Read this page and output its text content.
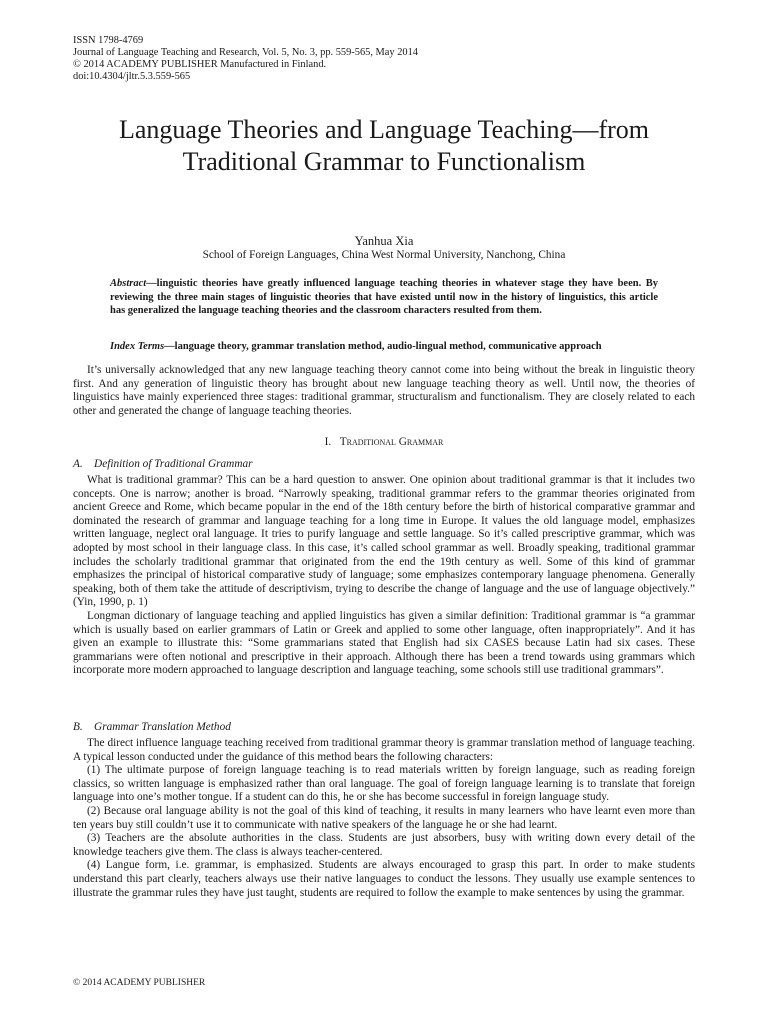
ISSN 1798-4769
Journal of Language Teaching and Research, Vol. 5, No. 3, pp. 559-565, May 2014
© 2014 ACADEMY PUBLISHER Manufactured in Finland.
doi:10.4304/jltr.5.3.559-565
Language Theories and Language Teaching—from Traditional Grammar to Functionalism
Yanhua Xia
School of Foreign Languages, China West Normal University, Nanchong, China
Abstract—linguistic theories have greatly influenced language teaching theories in whatever stage they have been. By reviewing the three main stages of linguistic theories that have existed until now in the history of linguistics, this article has generalized the language teaching theories and the classroom characters resulted from them.
Index Terms—language theory, grammar translation method, audio-lingual method, communicative approach

It’s universally acknowledged that any new language teaching theory cannot come into being without the break in linguistic theory first. And any generation of linguistic theory has brought about new language teaching theory as well. Until now, the theories of linguistics have mainly experienced three stages: traditional grammar, structuralism and functionalism. They are closely related to each other and generated the change of language teaching theories.

I. Traditional Grammar
A. Definition of Traditional Grammar

What is traditional grammar? This can be a hard question to answer. One opinion about traditional grammar is that it includes two concepts. One is narrow; another is broad. “Narrowly speaking, traditional grammar refers to the grammar theories originated from ancient Greece and Rome, which became popular in the end of the 18th century before the birth of historical comparative grammar and dominated the research of grammar and language teaching for a long time in Europe. It values the old language model, emphasizes written language, neglect oral language. It tries to purify language and settle language. So it’s called prescriptive grammar, which was adopted by most school in their language class. In this case, it’s called school grammar as well. Broadly speaking, traditional grammar includes the scholarly traditional grammar that originated from the end the 19th century as well. Some of this kind of grammar emphasizes the principal of historical comparative study of language; some emphasizes contemporary language phenomena. Generally speaking, both of them take the attitude of descriptivism, trying to describe the change of language and the use of language objectively.” (Yin, 1990, p. 1)

Longman dictionary of language teaching and applied linguistics has given a similar definition: Traditional grammar is “a grammar which is usually based on earlier grammars of Latin or Greek and applied to some other language, often inappropriately”. And it has given an example to illustrate this: “Some grammarians stated that English had six CASES because Latin had six cases. These grammarians were often notional and prescriptive in their approach. Although there has been a trend towards using grammars which incorporate more modern approached to language description and language teaching, some schools still use traditional grammars”.

B. Grammar Translation Method

The direct influence language teaching received from traditional grammar theory is grammar translation method of language teaching. A typical lesson conducted under the guidance of this method bears the following characters:

(1) The ultimate purpose of foreign language teaching is to read materials written by foreign language, such as reading foreign classics, so written language is emphasized rather than oral language. The goal of foreign language learning is to translate that foreign language into one’s mother tongue. If a student can do this, he or she has become successful in foreign language study.

(2) Because oral language ability is not the goal of this kind of teaching, it results in many learners who have learnt even more than ten years buy still couldn’t use it to communicate with native speakers of the language he or she had learnt.

(3) Teachers are the absolute authorities in the class. Students are just absorbers, busy with writing down every detail of the knowledge teachers give them. The class is always teacher-centered.

(4) Langue form, i.e. grammar, is emphasized. Students are always encouraged to grasp this part. In order to make students understand this part clearly, teachers always use their native languages to conduct the lessons. They usually use example sentences to illustrate the grammar rules they have just taught, students are required to follow the example to make sentences by using the grammar.

© 2014 ACADEMY PUBLISHER
